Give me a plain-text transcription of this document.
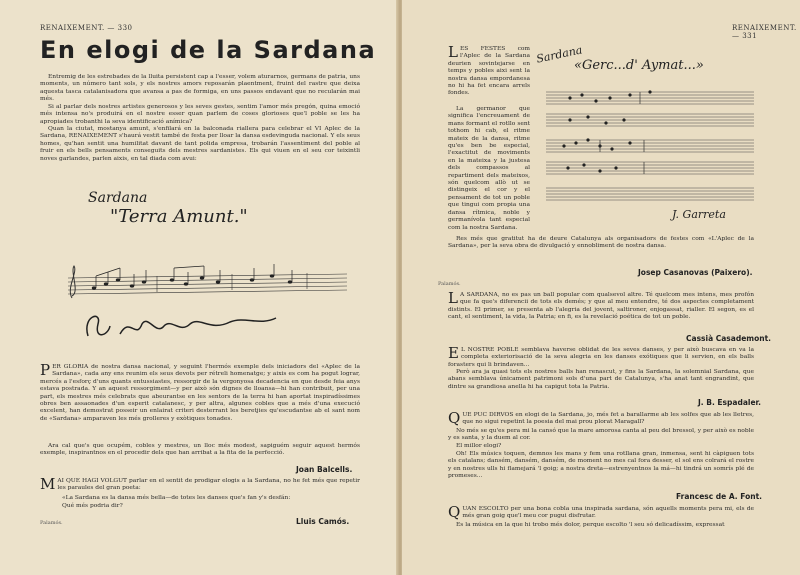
RENAIXEMENT. — 330
En elogi de la Sardana

Entremig de les estrebades de la lluita persistent cap a l'esser, volem aturarnos, germans de patria, uns moments, un número tant sols, y els nostres amors reposarán plaentment, fruint del rastre que deixa aquesta tasca catalanisadora que avansa a pas de formiga, en uns passos endavant que no recularán mai més.

Si al parlar dels nostres artistes generosos y les seves gestes, sentim l'amor més pregón, quina emoció més intensa no's produirá en el nostre esser quan parlem de coses glorioses que'l poble se les ha apropiades trobanthi la seva identificació anímica?

Quan la ciutat, mostanya amunt, s'enfilará en la balconada riallera para celebrar el VI Aplec de la Sardana, RENAIXEMENT s'haurá vestit també de festa per lloar la dansa esdevinguda nacional. Y els seus homes, qu'han sentit una humilitat davant de tant polida empresa, trobarán l'assentiment del poble al fruir en els bells pensaments conseguits dels mestres sardanistes. Els qui viuen en el seu cor teixintli noves garlandes, parlen aixis, en tal diada com avui:

Sardana
"Terra Amunt."

PER GLORIA de nostra dansa nacional, y seguint l'hermós exemple dels iniciadors del «Aplec de la Sardana», cada any ens reunim els seus devots per rétreli homenatge; y aixis es com ha pogut lograr, mercés a l'esforç d'uns quants entussiastes, ressorgir de la vergonyosa decadencia en que desde feia anys estava postrada. Y an aquest ressorgiment—y per això són dignes de lloansa—hi han contribuit, per una part, els mestres més celebrats que abeurantse en les sentors de la terra hi han aportat inspiradíssimes obres ben assaonades d'un esperit catalanesc, y per altra, algunes cobles que a més d'una execució excelent, han demostrat posseir un enlairat criteri desterrant les beretjies qu'escudantse ab el sant nom de «Sardana» amparaven les més grolleres y exòtiques tonades.

Ara cal que's que ocupém, cobles y mestres, un lloc més modest, sapiguém seguir aquest hermós exemple, inspirantnos en el procedir dels que han arribat a la fita de la perfecció.

Joan Balcells.

MAI QUE HAGI VOLGUT parlar en el sentit de prodigar elogis a la Sardana, no he fet més que repetir les paraules del gran poeta:

«La Sardana es la dansa més bella—de totes les danses que's fan y's desfán:

Qué més podria dir?

Palamós.	Lluis Camós.
RENAIXEMENT. — 331

LES FESTES com l'Aplec de la Sardana deurien sovintejarse en temps y pobles aixi sent la nostra dansa empordanesa no hi ha fet encara arrels fondes.

La germanor que significa l'encreuament de mans formant el rotllo sent tothom hi cab, el ritme mateix de la dansa, ritme qu'es ben be especial, l'exactitut de moviments en la mateixa y la justesa dels compassos al repartiment dels mateixos, són quelcom allò ut se distingeix el cor y el pensament de tot un poble que tingui com propia una dansa rítmica, noble y germanívola tant especial com la nostra Sardana.

Res més que gratitut ha de deure Catalunya als organisadors de festes com «L'Aplec de la Sardana», per la seva obra de divulgació y ennobliment de nostra dansa.

Sardana
«Gerc...d' Aymat...»
J. Garreta
Josep Casanovas (Paixero).
Palamós.

L A SARDANA, no es pas un ball popular com qualsevol altre. Té quelcom mes intens, mes profón que fa que's diferencii de tots els demés; y que al meu entendre, té dos aspectes completament distints. El primer, se presenta ab l'alegria del jovent, saltironer, enjogassat, rialler. El segon, es el cant, el sentiment, la vida, la Patria; en fi, es la revelació poética de tot un poble.

Cassià Casademont.

E L NOSTRE POBLE semblava haverse oblidat de les seves danses, y per això buscava en va la completa exteriorisació de la seva alegria en les danses exótiques que li servien, en els balls forasters qui li brindaven...

Però ara ja quasi tots els nostres balls han renascut, y fins la Sardana, la solemnial Sardana, que abans semblava únicament patrimoni sols d'una part de Catalunya, s'ha anat tant engrandint, que dintre sa grandiosa anella hi ha capigut tota la Patria.

J. B. Espadaler.

QUE PUC DIRVOS en elogi de la Sardana, jo, més fet a barallarme ab les solfes que ab les lletres, que no sigui repetint la poesia del mai prou plorat Maragall?

No més se qu'es pera mi la cansó que la mare amorosa canta al peu del bressol, y per això es noble y es santa, y la duem al cor.

El millor elogi?

Oh! Els músics toquen, demnos les mans y fem una rotllana gran, inmensa, sent hi càpiguen tots els catalans; dansém, dansém, dansém, de moment no mes cal fora desser, el sol ens colrará el rostre y en nostres ulls hi flamejará 'l goig; a nostra dreta—estrenyentnos la má—hi tindrá un somrís plé de promeses...

Francesc de A. Font.

QUAN ESCOLTO per una bona cobla una inspirada sardana, són aquells moments pera mi, els de més gran goig que'l meu cor pugui disfrutar.

Es la música en la que hi trobo més dolor, perque escolto 'l seu só delicadíssim, expressat
